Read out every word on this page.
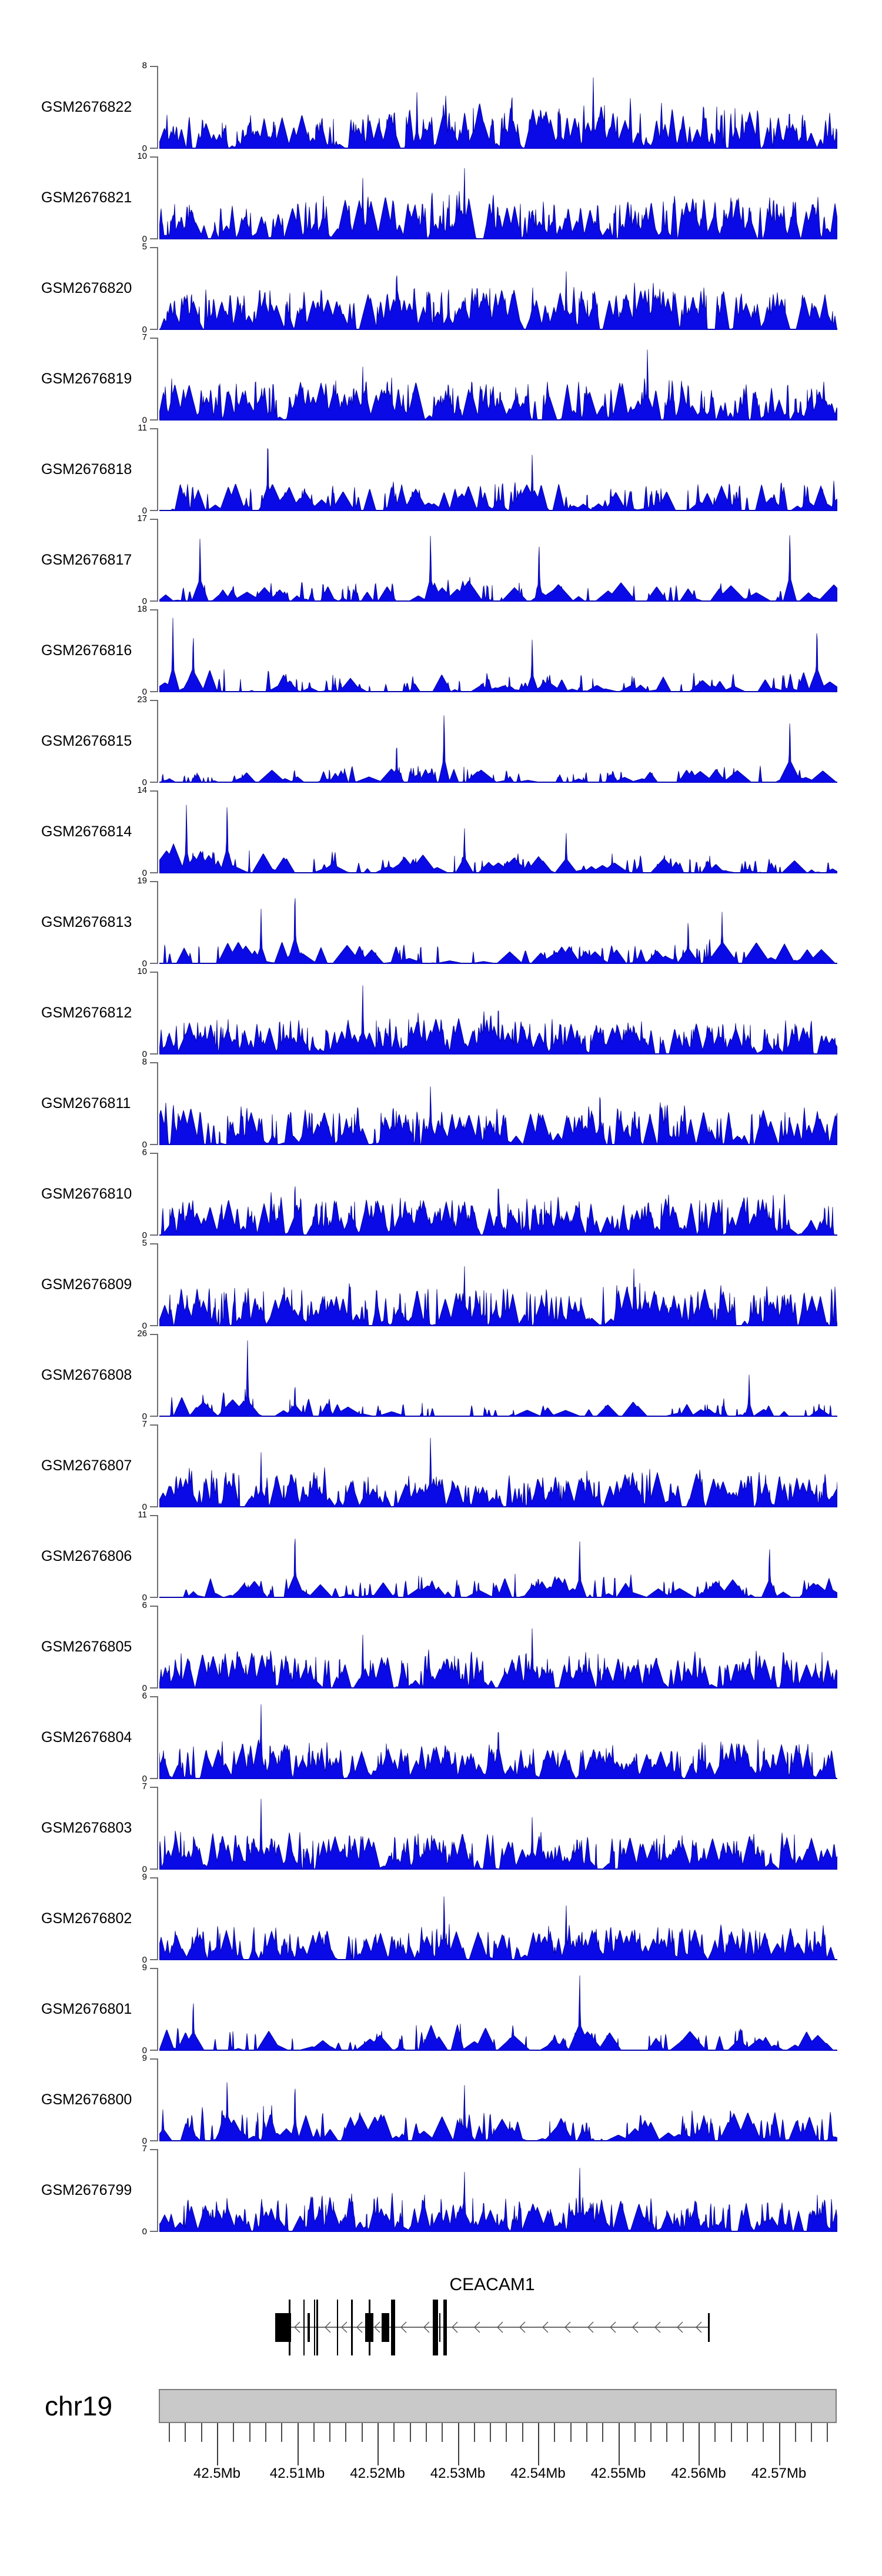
GSM2676822
8
0
GSM2676821
10
0
GSM2676820
5
0
GSM2676819
7
0
GSM2676818
11
0
GSM2676817
17
0
GSM2676816
18
0
GSM2676815
23
0
GSM2676814
14
0
GSM2676813
19
0
GSM2676812
10
0
GSM2676811
8
0
GSM2676810
6
0
GSM2676809
5
0
GSM2676808
26
0
GSM2676807
7
0
GSM2676806
11
0
GSM2676805
6
0
GSM2676804
6
0
GSM2676803
7
0
GSM2676802
9
0
GSM2676801
9
0
GSM2676800
9
0
GSM2676799
7
0
CEACAM1
chr19
42.5Mb	42.51Mb	42.52Mb	42.53Mb	42.54Mb	42.55Mb	42.56Mb	42.57Mb
